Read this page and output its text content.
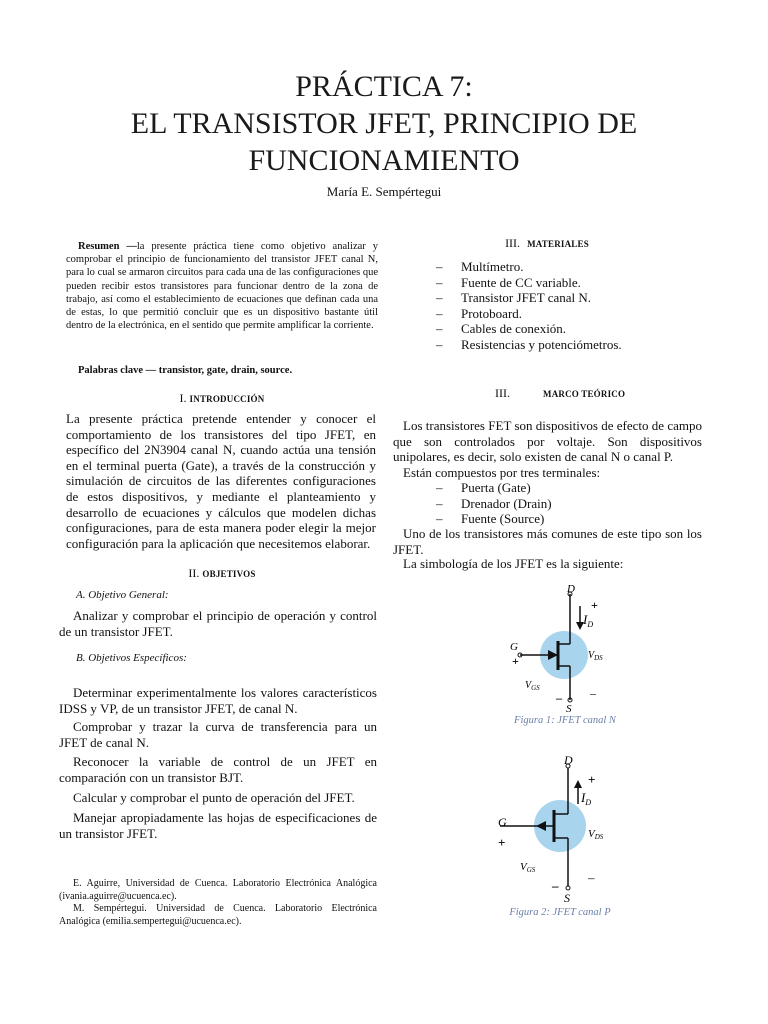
PRÁCTICA 7:
EL TRANSISTOR JFET, PRINCIPIO DE
FUNCIONAMIENTO
María E. Sempértegui
Resumen —la presente práctica tiene como objetivo analizar y comprobar el principio de funcionamiento del transistor JFET canal N, para lo cual se armaron circuitos para cada una de las configuraciones que pueden recibir estos transistores para funcionar dentro de la zona de trabajo, así como el establecimiento de ecuaciones que definan cada una de estas, lo que permitió concluir que es un dispositivo bastante útil dentro de la electrónica, en el sentido que permite amplificar la corriente.
Palabras clave — transistor, gate, drain, source.
I. INTRODUCCIÓN
La presente práctica pretende entender y conocer el comportamiento de los transistores del tipo JFET, en específico del 2N3904 canal N, cuando actúa una tensión en el terminal puerta (Gate), a través de la construcción y simulación de circuitos de las diferentes configuraciones de estos dispositivos, y mediante el planteamiento y desarrollo de ecuaciones y cálculos que modelen dichas configuraciones, para de esta manera poder elegir la mejor configuración para la aplicación que necesitemos elaborar.
II. OBJETIVOS
A. Objetivo General:
Analizar y comprobar el principio de operación y control de un transistor JFET.
B. Objetivos Específicos:
Determinar experimentalmente los valores característicos IDSS y VP, de un transistor JFET, de canal N.
Comprobar y trazar la curva de transferencia para un JFET de canal N.
Reconocer la variable de control de un JFET en comparación con un transistor BJT.
Calcular y comprobar el punto de operación del JFET.
Manejar apropiadamente las hojas de especificaciones de un transistor JFET.
E. Aguirre, Universidad de Cuenca. Laboratorio Electrónica Analógica (ivania.aguirre@ucuenca.ec).
M. Sempértegui. Universidad de Cuenca. Laboratorio Electrónica Analógica (emilia.sempertegui@ucuenca.ec).
III. MATERIALES
– Multímetro.
– Fuente de CC variable.
– Transistor JFET canal N.
– Protoboard.
– Cables de conexión.
– Resistencias y potenciómetros.
III.	MARCO TEÓRICO
Los transistores FET son dispositivos de efecto de campo que son controlados por voltaje. Son dispositivos unipolares, es decir, solo existen de canal N o canal P.
Están compuestos por tres terminales:
– Puerta (Gate)
– Drenador (Drain)
– Fuente (Source)
Uno de los transistores más comunes de este tipo son los JFET.
La simbología de los JFET es la siguiente:
D
+
$I_D$
G
+	$V_{DS}$
$V_{GS}$
– –
S
Figura 1: JFET canal N
D
+
$I_D$
G
+
VDS
VGS
–
–
S
Figura 2: JFET canal P
